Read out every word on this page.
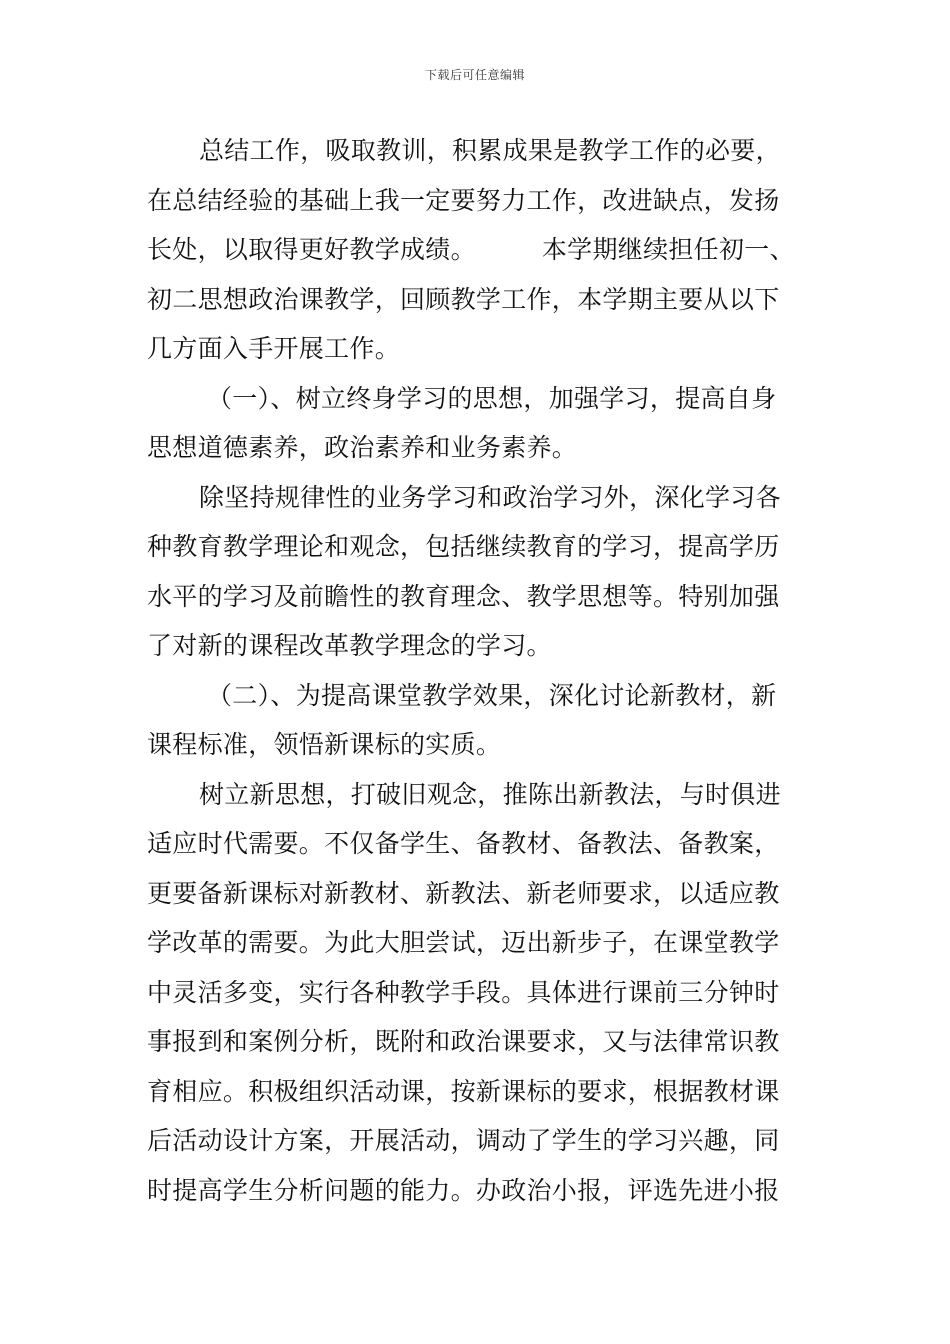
下载后可任意编辑
总结工作，吸取教训，积累成果是教学工作的必要，
在总结经验的基础上我一定要努力工作，改进缺点，发扬
长处，以取得更好教学成绩。        本学期继续担任初一、
初二思想政治课教学，回顾教学工作，本学期主要从以下
几方面入手开展工作。
（一）、树立终身学习的思想，加强学习，提高自身
思想道德素养，政治素养和业务素养。
除坚持规律性的业务学习和政治学习外，深化学习各
种教育教学理论和观念，包括继续教育的学习，提高学历
水平的学习及前瞻性的教育理念、教学思想等。特别加强
了对新的课程改革教学理念的学习。
（二）、为提高课堂教学效果，深化讨论新教材，新
课程标准，领悟新课标的实质。
树立新思想，打破旧观念，推陈出新教法，与时俱进
适应时代需要。不仅备学生、备教材、备教法、备教案，
更要备新课标对新教材、新教法、新老师要求，以适应教
学改革的需要。为此大胆尝试，迈出新步子，在课堂教学
中灵活多变，实行各种教学手段。具体进行课前三分钟时
事报到和案例分析，既附和政治课要求，又与法律常识教
育相应。积极组织活动课，按新课标的要求，根据教材课
后活动设计方案，开展活动，调动了学生的学习兴趣，同
时提高学生分析问题的能力。办政治小报，评选先进小报
